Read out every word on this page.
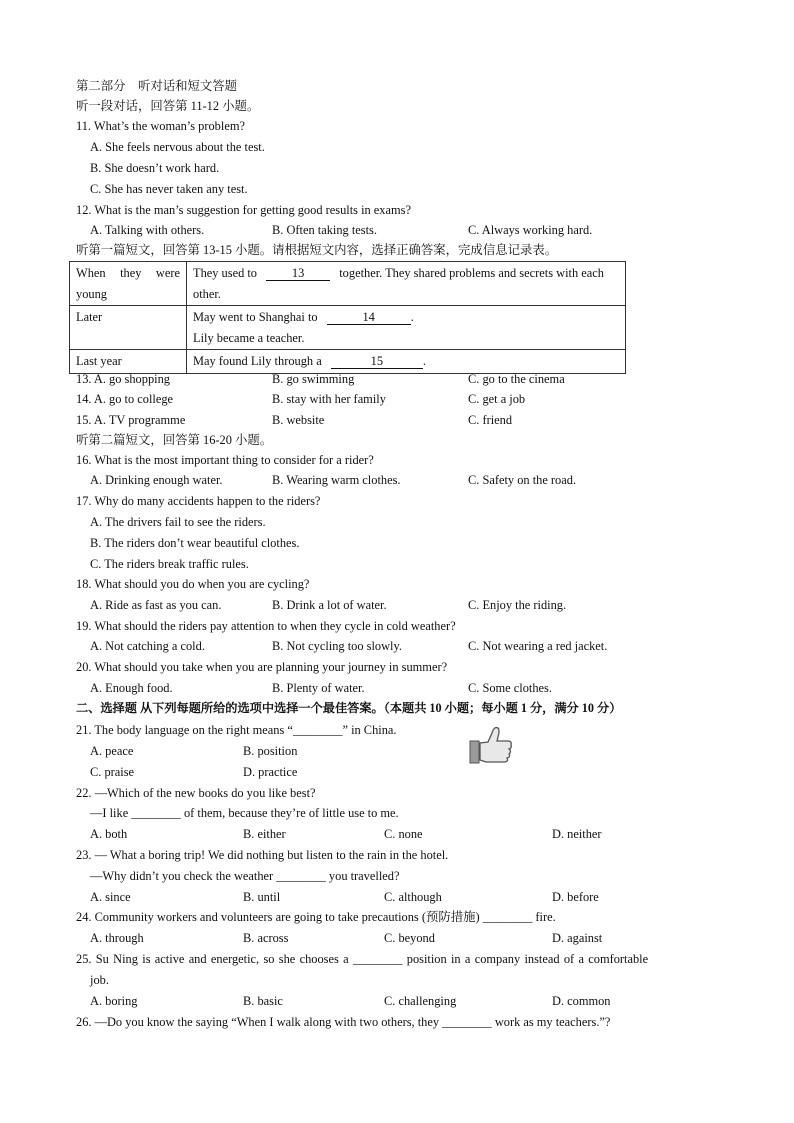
第二部分　听对话和短文答题
听一段对话，回答第 11-12 小题。
11. What’s the woman’s problem?
A. She feels nervous about the test.
B. She doesn’t work hard.
C. She has never taken any test.
12. What is the man’s suggestion for getting good results in exams?
A. Talking with others.	B. Often taking tests.	C. Always working hard.
听第一篇短文，回答第 13-15 小题。请根据短文内容，选择正确答案，完成信息记录表。
When they were young	They used to 13 together. They shared problems and secrets with each other.
Later	May went to Shanghai to 14 .
Lily became a teacher.
Last year	May found Lily through a 15 .
13. A. go shopping	B. go swimming	C. go to the cinema
14. A. go to college	B. stay with her family	C. get a job
15. A. TV programme	B. website	C. friend
听第二篇短文，回答第 16-20 小题。
16. What is the most important thing to consider for a rider?
A. Drinking enough water.	B. Wearing warm clothes.	C. Safety on the road.
17. Why do many accidents happen to the riders?
A. The drivers fail to see the riders.
B. The riders don’t wear beautiful clothes.
C. The riders break traffic rules.
18. What should you do when you are cycling?
A. Ride as fast as you can.	B. Drink a lot of water.	C. Enjoy the riding.
19. What should the riders pay attention to when they cycle in cold weather?
A. Not catching a cold.	B. Not cycling too slowly.	C. Not wearing a red jacket.
20. What should you take when you are planning your journey in summer?
A. Enough food.	B. Plenty of water.	C. Some clothes.
二、选择题 从下列每题所给的选项中选择一个最佳答案。（本题共 10 小题；每小题 1 分，满分 10 分）
21. The body language on the right means “________” in China.
A. peace	B. position
C. praise	D. practice
22. —Which of the new books do you like best?
—I like ________ of them, because they’re of little use to me.
A. both	B. either	C. none	D. neither
23. — What a boring trip! We did nothing but listen to the rain in the hotel.
—Why didn’t you check the weather ________ you travelled?
A. since	B. until	C. although	D. before
24. Community workers and volunteers are going to take precautions (预防措施) ________ fire.
A. through	B. across	C. beyond	D. against
25. Su Ning is active and energetic, so she chooses a ________ position in a company instead of a comfortable
job.
A. boring	B. basic	C. challenging	D. common
26. —Do you know the saying “When I walk along with two others, they ________ work as my teachers.”?
